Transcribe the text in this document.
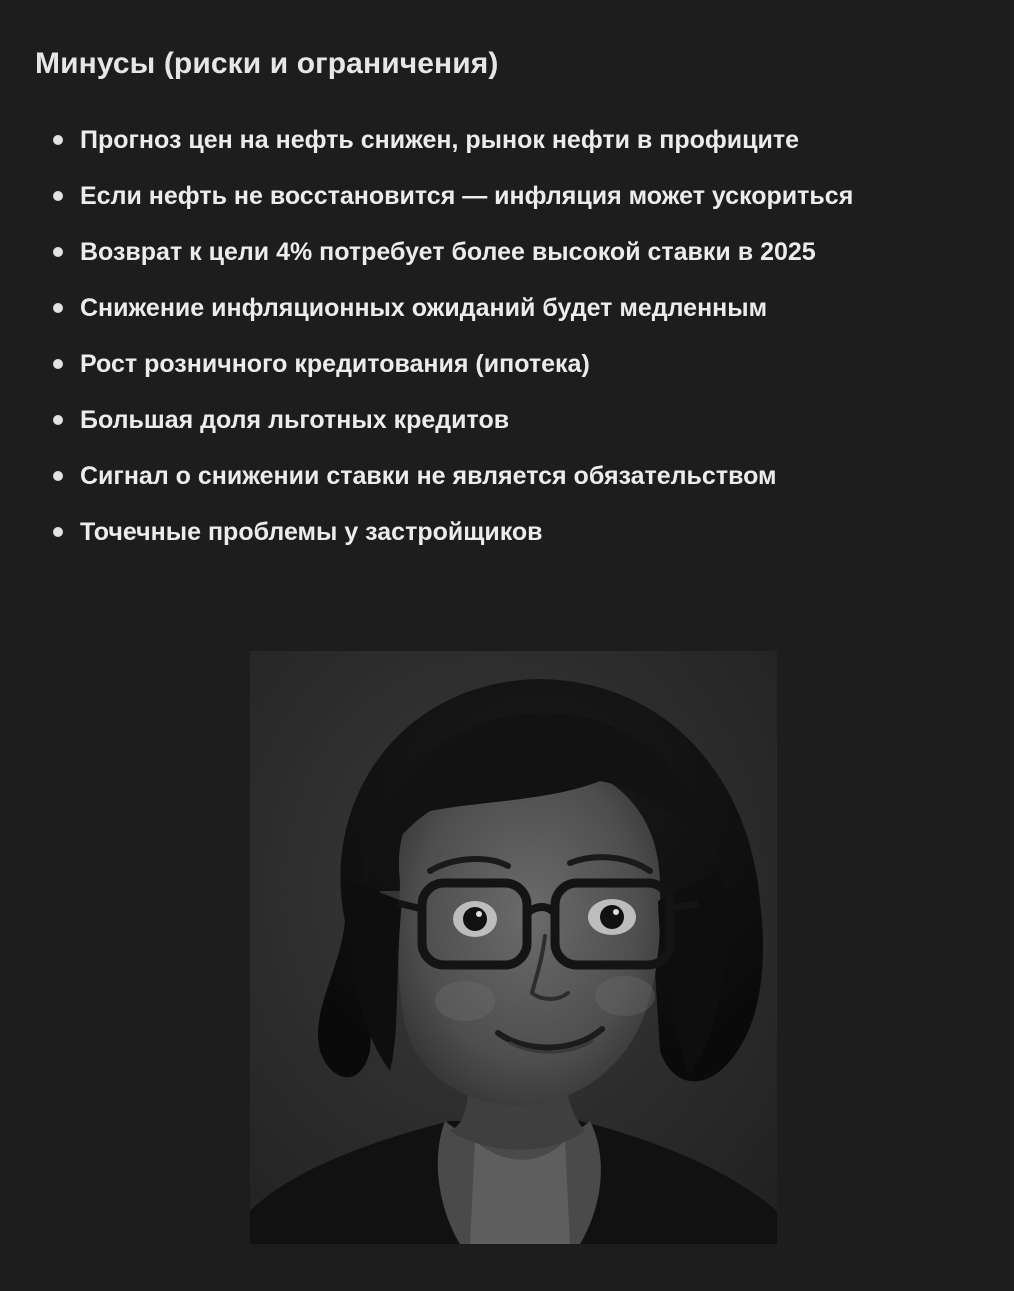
Минусы (риски и ограничения)
Прогноз цен на нефть снижен, рынок нефти в профиците
Если нефть не восстановится — инфляция может ускориться
Возврат к цели 4% потребует более высокой ставки в 2025
Снижение инфляционных ожиданий будет медленным
Рост розничного кредитования (ипотека)
Большая доля льготных кредитов
Сигнал о снижении ставки не является обязательством
Точечные проблемы у застройщиков
